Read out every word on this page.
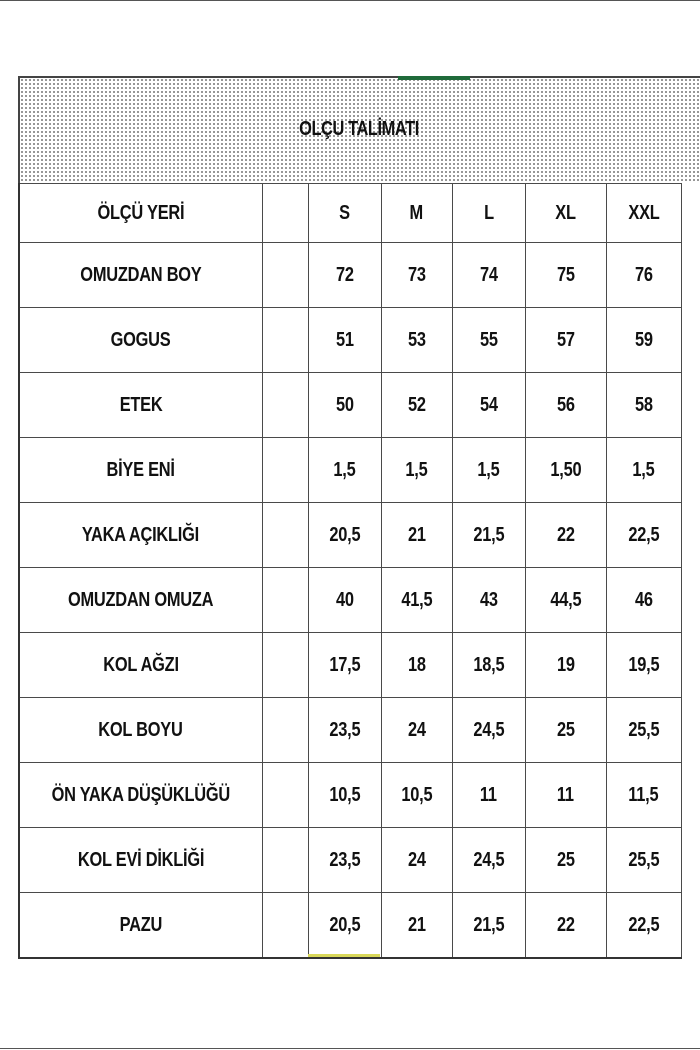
OLÇU TALİMATI
ÖLÇÜ YERİ		S	M	L	XL	XXL
OMUZDAN BOY		72	73	74	75	76
GOGUS		51	53	55	57	59
ETEK		50	52	54	56	58
BİYE ENİ		1,5	1,5	1,5	1,50	1,5
YAKA AÇIKLIĞI		20,5	21	21,5	22	22,5
OMUZDAN OMUZA		40	41,5	43	44,5	46
KOL AĞZI		17,5	18	18,5	19	19,5
KOL BOYU		23,5	24	24,5	25	25,5
ÖN YAKA DÜŞÜKLÜĞÜ		10,5	10,5	11	11	11,5
KOL EVİ DİKLİĞİ		23,5	24	24,5	25	25,5
PAZU		20,5	21	21,5	22	22,5
